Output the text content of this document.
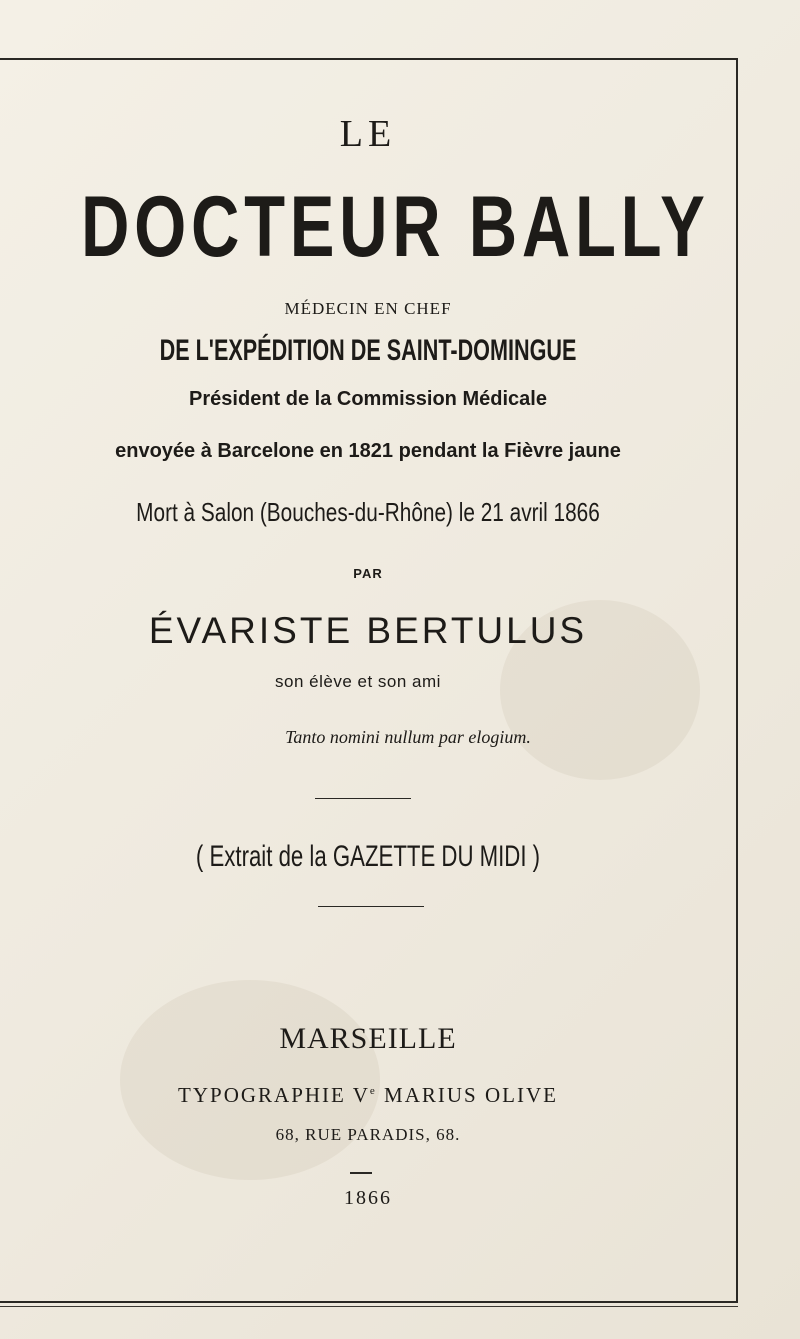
LE
DOCTEUR BALLY
MÉDECIN EN CHEF
DE L'EXPÉDITION DE SAINT-DOMINGUE
Président de la Commission Médicale
envoyée à Barcelone en 1821 pendant la Fièvre jaune
Mort à Salon (Bouches-du-Rhône) le 21 avril 1866
PAR
ÉVARISTE BERTULUS
son élève et son ami
Tanto nomini nullum par elogium.
( Extrait de la GAZETTE DU MIDI )
MARSEILLE
TYPOGRAPHIE Ve MARIUS OLIVE
68, RUE PARADIS, 68.
1866
